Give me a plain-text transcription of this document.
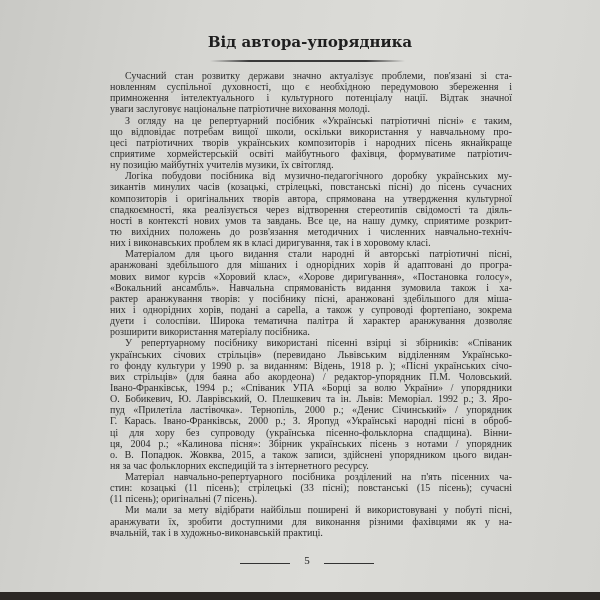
Від автора-упорядника
Сучасний стан розвитку держави значно актуалізує проблеми, пов'язані зі ста-
новленням суспільної духовності, що є необхідною передумовою збереження і
примноження інтелектуального і культурного потенціалу нації. Відтак значної
уваги заслуговує національне патріотичне виховання молоді.
З огляду на це репертуарний посібник «Українські патріотичні пісні» є таким,
що відповідає потребам вищої школи, оскільки використання у навчальному про-
цесі патріотичних творів українських композиторів і народних пісень якнайкраще
сприятиме хормейстерській освіті майбутнього фахівця, формуватиме патріотич-
ну позицію майбутніх учителів музики, їх світогляд.
Логіка побудови посібника від музично-педагогічного доробку українських му-
зикантів минулих часів (козацькі, стрілецькі, повстанські пісні) до пісень сучасних
композиторів і оригінальних творів автора, спрямована на утвердження культурної
спадкоємності, яка реалізується через відтворення стереотипів свідомості та діяль-
ності в контексті нових умов та завдань. Все це, на нашу думку, сприятиме розкрит-
тю вихідних положень до розв'язання методичних і численних навчально-техніч-
них і виконавських проблем як в класі диригування, так і в хоровому класі.
Матеріалом для цього видання стали народні й авторські патріотичні пісні,
аранжовані здебільшого для мішаних і однорідних хорів й адаптовані до програ-
мових вимог курсів «Хоровий клас», «Хорове диригування», «Постановка голосу»,
«Вокальний ансамбль». Навчальна спрямованість видання зумовила також і ха-
рактер аранжування творів: у посібнику пісні, аранжовані здебільшого для міша-
них і однорідних хорів, подані a capella, а також у супроводі фортепіано, зокрема
дуети і солоспіви. Широка тематична палітра й характер аранжування дозволяє
розширити використання матеріалу посібника.
У репертуарному посібнику використані пісенні взірці зі збірників: «Співаник
українських січових стрільців» (перевидано Львівським відділенням Українсько-
го фонду культури у 1990 р. за виданням: Відень, 1918 р. ); «Пісні українських січо-
вих стрільців» (для баяна або акордеона) / редактор-упорядник П.М. Чоловський.
Івано-Франківськ, 1994 р.; «Співаник УПА «Борці за волю України» / упорядники
О. Бобикевич, Ю. Лаврівський, О. Плешкевич та ін. Львів: Меморіал. 1992 р.; З. Яро-
пуд «Прилетіла ластівочка». Тернопіль, 2000 р.; «Денис Січинський» / упорядник
Г. Карась. Івано-Франківськ, 2000 р.; З. Яропуд «Українські народні пісні в оброб-
ці для хору без супроводу (українська пісенно-фольклорна спадщина). Вінни-
ця, 2004 р.; «Калинова пісня»: Збірник українських пісень з нотами / упорядник
о. В. Попадюк. Жовква, 2015, а також записи, здійснені упорядником цього видан-
ня за час фольклорних експедицій та з інтернетного ресурсу.
Матеріал навчально-репертуарного посібника розділений на п'ять пісенних ча-
стин: козацькі (11 пісень); стрілецькі (33 пісні); повстанські (15 пісень); сучасні
(11 пісень); оригінальні (7 пісень).
Ми мали за мету відібрати найбільш поширені й використовувані у побуті пісні,
аранжувати їх, зробити доступними для виконання різними фахівцями як у на-
вчальній, так і в художньо-виконавській практиці.
5
